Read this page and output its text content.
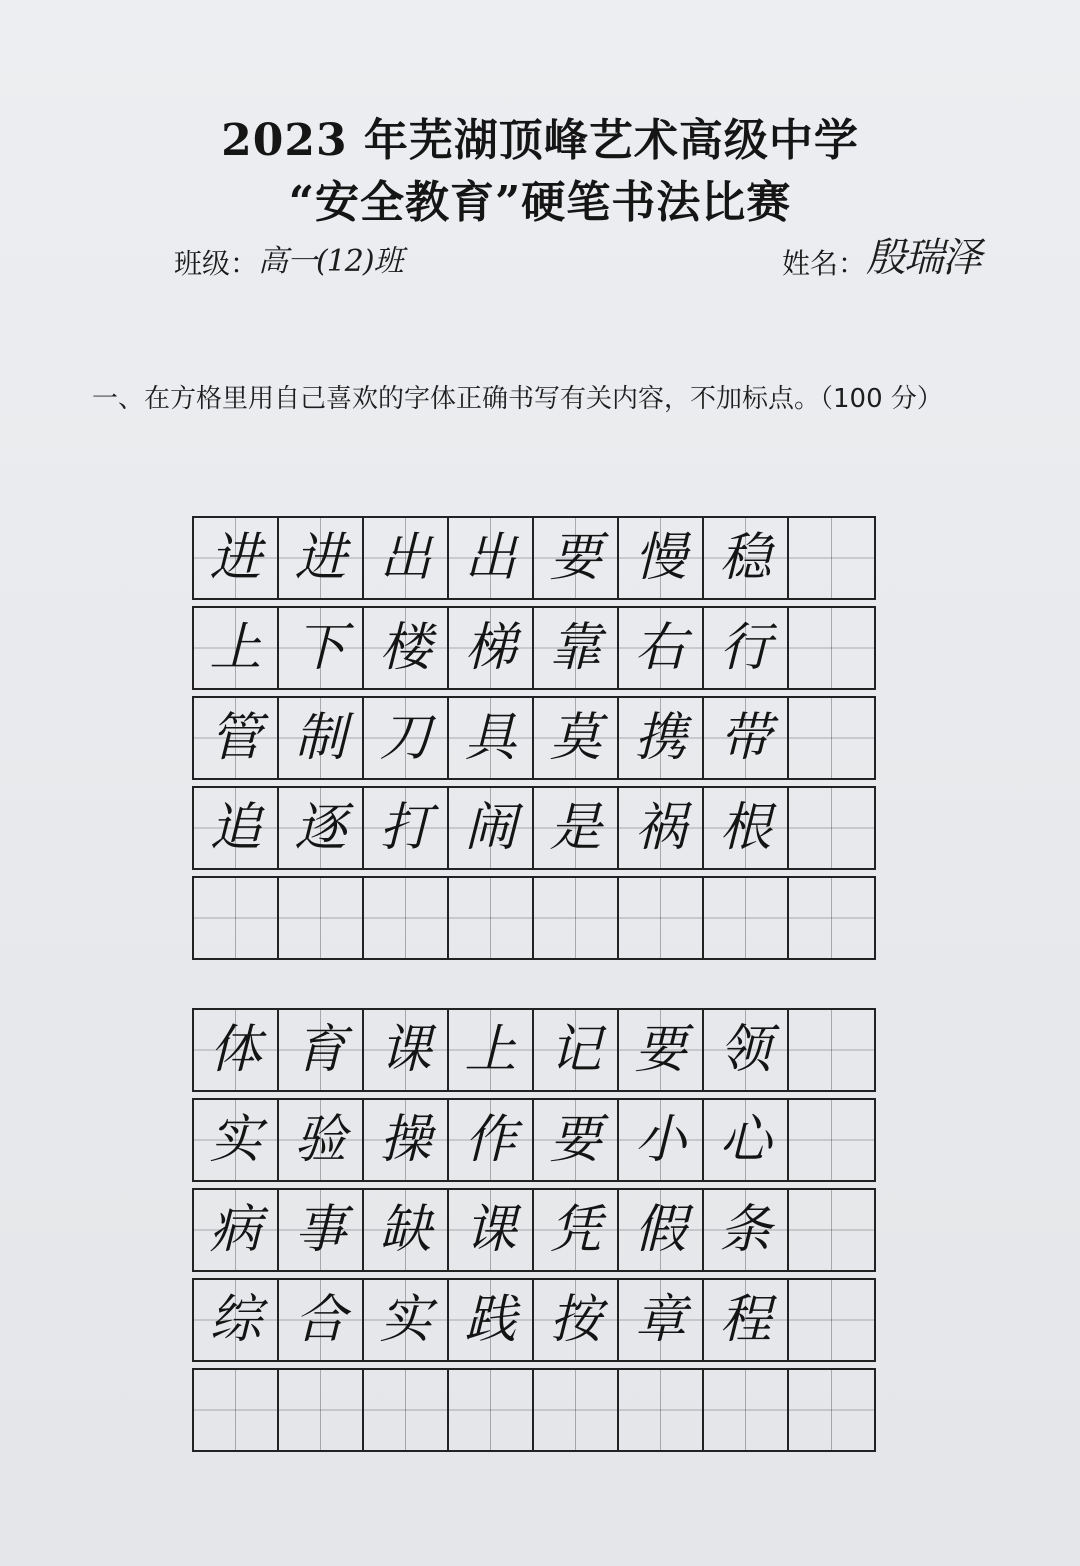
2023 年芜湖顶峰艺术高级中学
“安全教育”硬笔书法比赛
班级： 高一(12)班	姓名： 殷瑞泽
一、在方格里用自己喜欢的字体正确书写有关内容，不加标点。（100 分）
进 进 出 出 要 慢 稳
上 下 楼 梯 靠 右 行
管 制 刀 具 莫 携 带
追 逐 打 闹 是 祸 根
体 育 课 上 记 要 领
实 验 操 作 要 小 心
病 事 缺 课 凭 假 条
综 合 实 践 按 章 程
